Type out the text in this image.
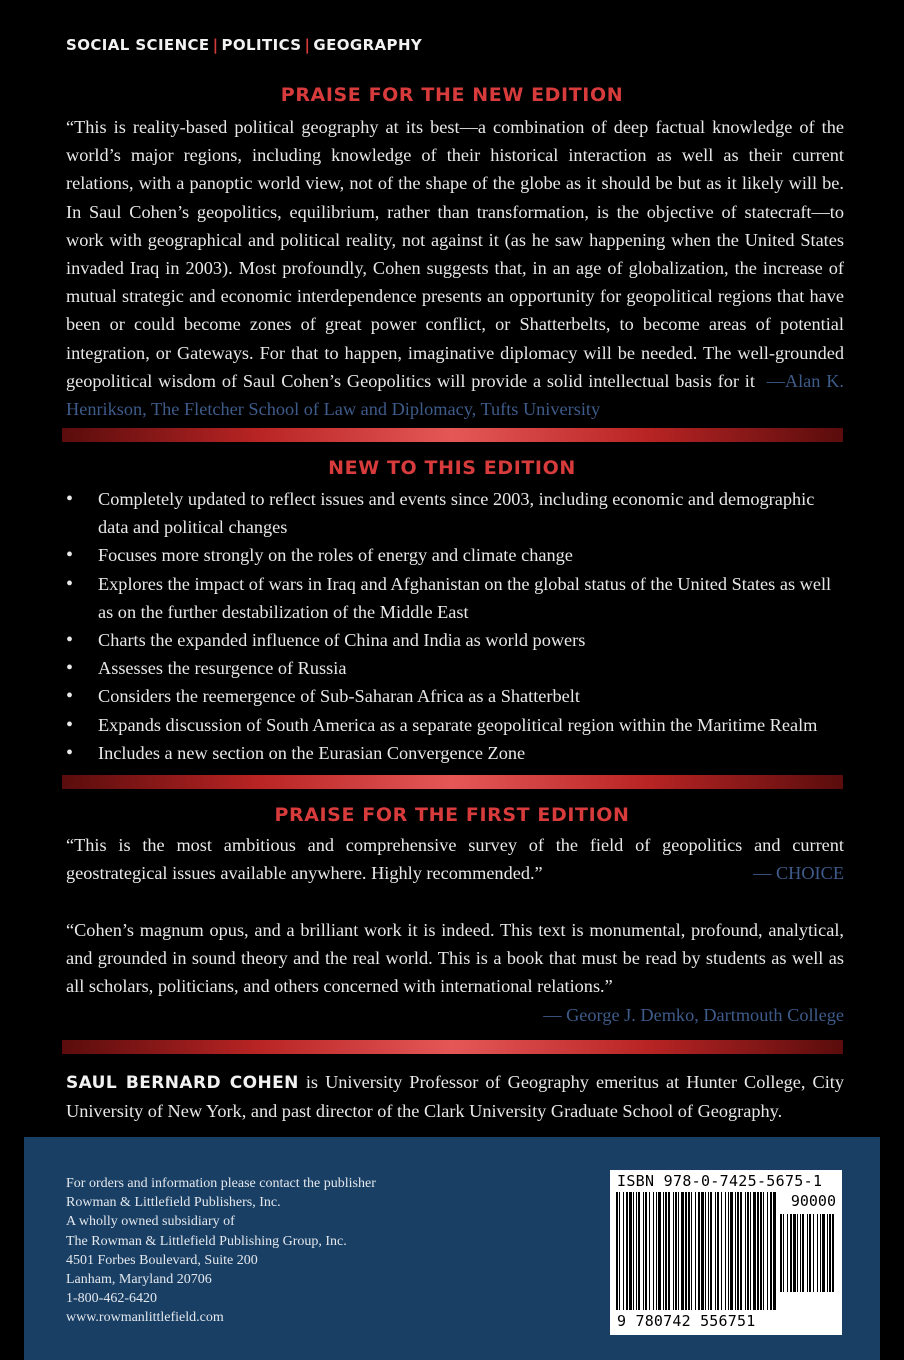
SOCIAL SCIENCE | POLITICS | GEOGRAPHY
PRAISE FOR THE NEW EDITION
“This is reality-based political geography at its best—a combination of deep factual knowledge of the world’s major regions, including knowledge of their historical interaction as well as their current relations, with a panoptic world view, not of the shape of the globe as it should be but as it likely will be. In Saul Cohen’s geopolitics, equilibrium, rather than transformation, is the objective of statecraft—to work with geographical and political reality, not against it (as he saw happening when the United States invaded Iraq in 2003). Most profoundly, Cohen suggests that, in an age of globalization, the increase of mutual strategic and economic interdependence presents an opportunity for geopolitical regions that have been or could become zones of great power conflict, or Shatterbelts, to become areas of potential integration, or Gateways. For that to happen, imaginative diplomacy will be needed. The well-grounded geopolitical wisdom of Saul Cohen’s Geopolitics will provide a solid intellectual basis for it —Alan K. Henrikson, The Fletcher School of Law and Diplomacy, Tufts University
NEW TO THIS EDITION
• Completely updated to reflect issues and events since 2003, including economic and demographic data and political changes
• Focuses more strongly on the roles of energy and climate change
• Explores the impact of wars in Iraq and Afghanistan on the global status of the United States as well as on the further destabilization of the Middle East
• Charts the expanded influence of China and India as world powers
• Assesses the resurgence of Russia
• Considers the reemergence of Sub-Saharan Africa as a Shatterbelt
• Expands discussion of South America as a separate geopolitical region within the Maritime Realm
• Includes a new section on the Eurasian Convergence Zone
PRAISE FOR THE FIRST EDITION
“This is the most ambitious and comprehensive survey of the field of geopolitics and current geostrategical issues available anywhere. Highly recommended.”	— CHOICE
“Cohen’s magnum opus, and a brilliant work it is indeed. This text is monumental, profound, analytical, and grounded in sound theory and the real world. This is a book that must be read by students as well as all scholars, politicians, and others concerned with international relations.”
— George J. Demko, Dartmouth College
SAUL BERNARD COHEN is University Professor of Geography emeritus at Hunter College, City University of New York, and past director of the Clark University Graduate School of Geography.
For orders and information please contact the publisher
Rowman & Littlefield Publishers, Inc.
A wholly owned subsidiary of
The Rowman & Littlefield Publishing Group, Inc.
4501 Forbes Boulevard, Suite 200
Lanham, Maryland 20706
1-800-462-6420
www.rowmanlittlefield.com
ISBN 978-0-7425-5675-1
90000
9 780742 556751
